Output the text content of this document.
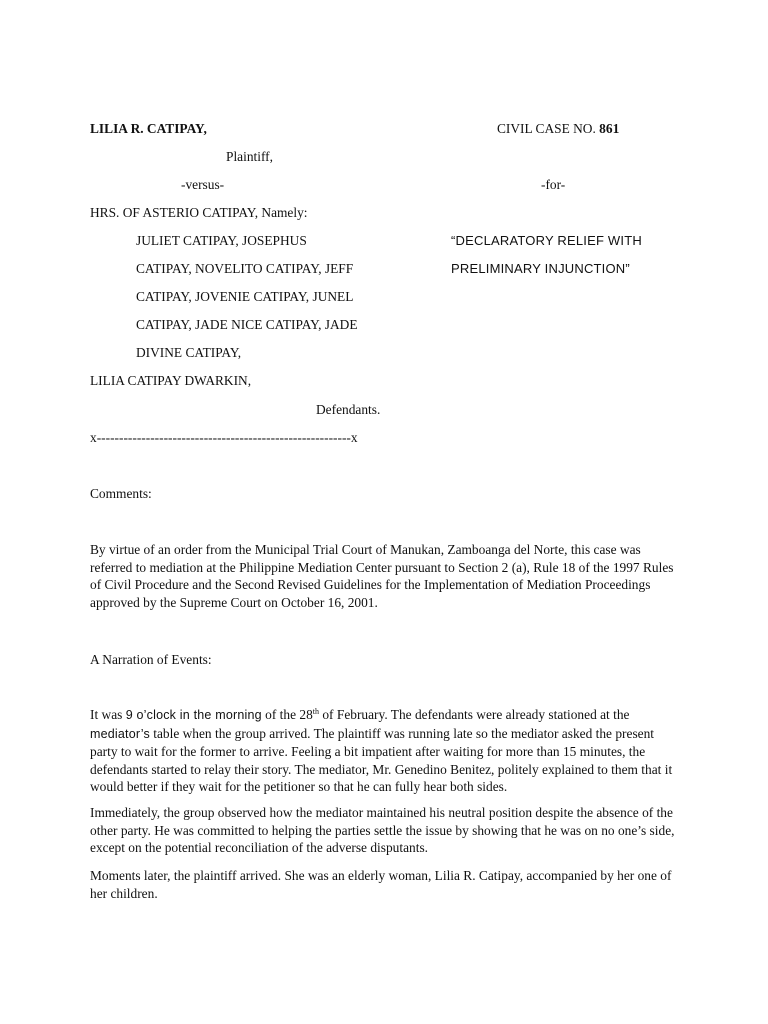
LILIA R. CATIPAY,	CIVIL CASE NO. 861
Plaintiff,
-versus-	-for-
HRS. OF ASTERIO CATIPAY, Namely:
JULIET CATIPAY, JOSEPHUS
CATIPAY, NOVELITO CATIPAY, JEFF
CATIPAY, JOVENIE CATIPAY, JUNEL
CATIPAY, JADE NICE CATIPAY, JADE
DIVINE CATIPAY,
“DECLARATORY RELIEF WITH
PRELIMINARY INJUNCTION”
LILIA CATIPAY DWARKIN,
Defendants.
x---------------------------------------------------------x
Comments:

By virtue of an order from the Municipal Trial Court of Manukan, Zamboanga del Norte, this case was referred to mediation at the Philippine Mediation Center pursuant to Section 2 (a), Rule 18 of the 1997 Rules of Civil Procedure and the Second Revised Guidelines for the Implementation of Mediation Proceedings approved by the Supreme Court on October 16, 2001.

A Narration of Events:

It was 9 o’clock in the morning of the 28th of February. The defendants were already stationed at the mediator’s table when the group arrived. The plaintiff was running late so the mediator asked the present party to wait for the former to arrive. Feeling a bit impatient after waiting for more than 15 minutes, the defendants started to relay their story. The mediator, Mr. Genedino Benitez, politely explained to them that it would better if they wait for the petitioner so that he can fully hear both sides.

Immediately, the group observed how the mediator maintained his neutral position despite the absence of the other party. He was committed to helping the parties settle the issue by showing that he was on no one’s side, except on the potential reconciliation of the adverse disputants.

Moments later, the plaintiff arrived. She was an elderly woman, Lilia R. Catipay, accompanied by her one of her children.
